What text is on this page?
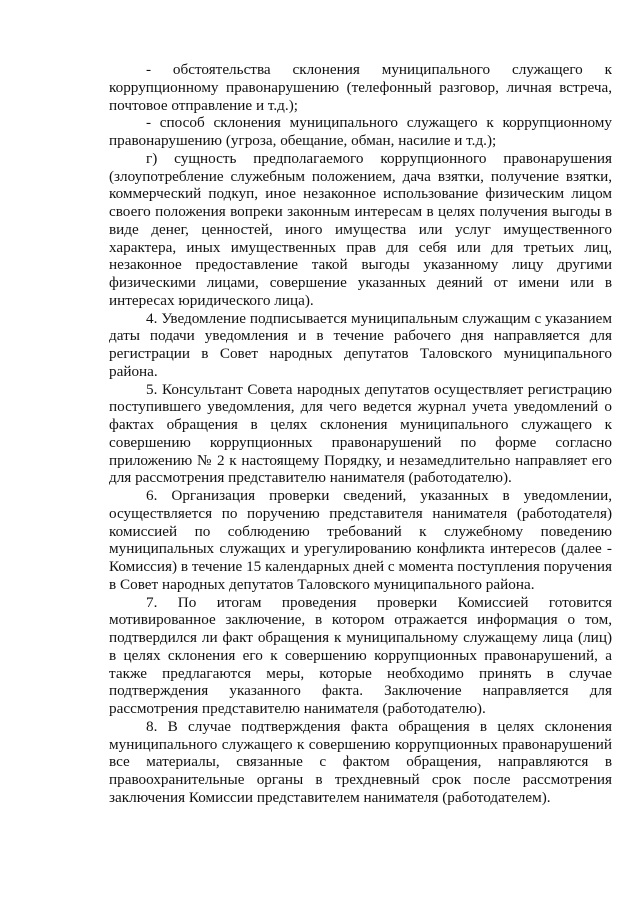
- обстоятельства склонения муниципального служащего к коррупционному правонарушению (телефонный разговор, личная встреча, почтовое отправление и т.д.);

- способ склонения муниципального служащего к коррупционному правонарушению (угроза, обещание, обман, насилие и т.д.);

г) сущность предполагаемого коррупционного правонарушения (злоупотребление служебным положением, дача взятки, получение взятки, коммерческий подкуп, иное незаконное использование физическим лицом своего положения вопреки законным интересам в целях получения выгоды в виде денег, ценностей, иного имущества или услуг имущественного характера, иных имущественных прав для себя или для третьих лиц, незаконное предоставление такой выгоды указанному лицу другими физическими лицами, совершение указанных деяний от имени или в интересах юридического лица).

4. Уведомление подписывается муниципальным служащим с указанием даты подачи уведомления и в течение рабочего дня направляется для регистрации в Совет народных депутатов Таловского муниципального района.

5. Консультант Совета народных депутатов осуществляет регистрацию поступившего уведомления, для чего ведется журнал учета уведомлений о фактах обращения в целях склонения муниципального служащего к совершению коррупционных правонарушений по форме согласно приложению № 2 к настоящему Порядку, и незамедлительно направляет его для рассмотрения представителю нанимателя (работодателю).

6. Организация проверки сведений, указанных в уведомлении, осуществляется по поручению представителя нанимателя (работодателя) комиссией по соблюдению требований к служебному поведению муниципальных служащих и урегулированию конфликта интересов (далее - Комиссия) в течение 15 календарных дней с момента поступления поручения в Совет народных депутатов Таловского муниципального района.

7. По итогам проведения проверки Комиссией готовится мотивированное заключение, в котором отражается информация о том, подтвердился ли факт обращения к муниципальному служащему лица (лиц) в целях склонения его к совершению коррупционных правонарушений, а также предлагаются меры, которые необходимо принять в случае подтверждения указанного факта. Заключение направляется для рассмотрения представителю нанимателя (работодателю).

8. В случае подтверждения факта обращения в целях склонения муниципального служащего к совершению коррупционных правонарушений все материалы, связанные с фактом обращения, направляются в правоохранительные органы в трехдневный срок после рассмотрения заключения Комиссии представителем нанимателя (работодателем).
